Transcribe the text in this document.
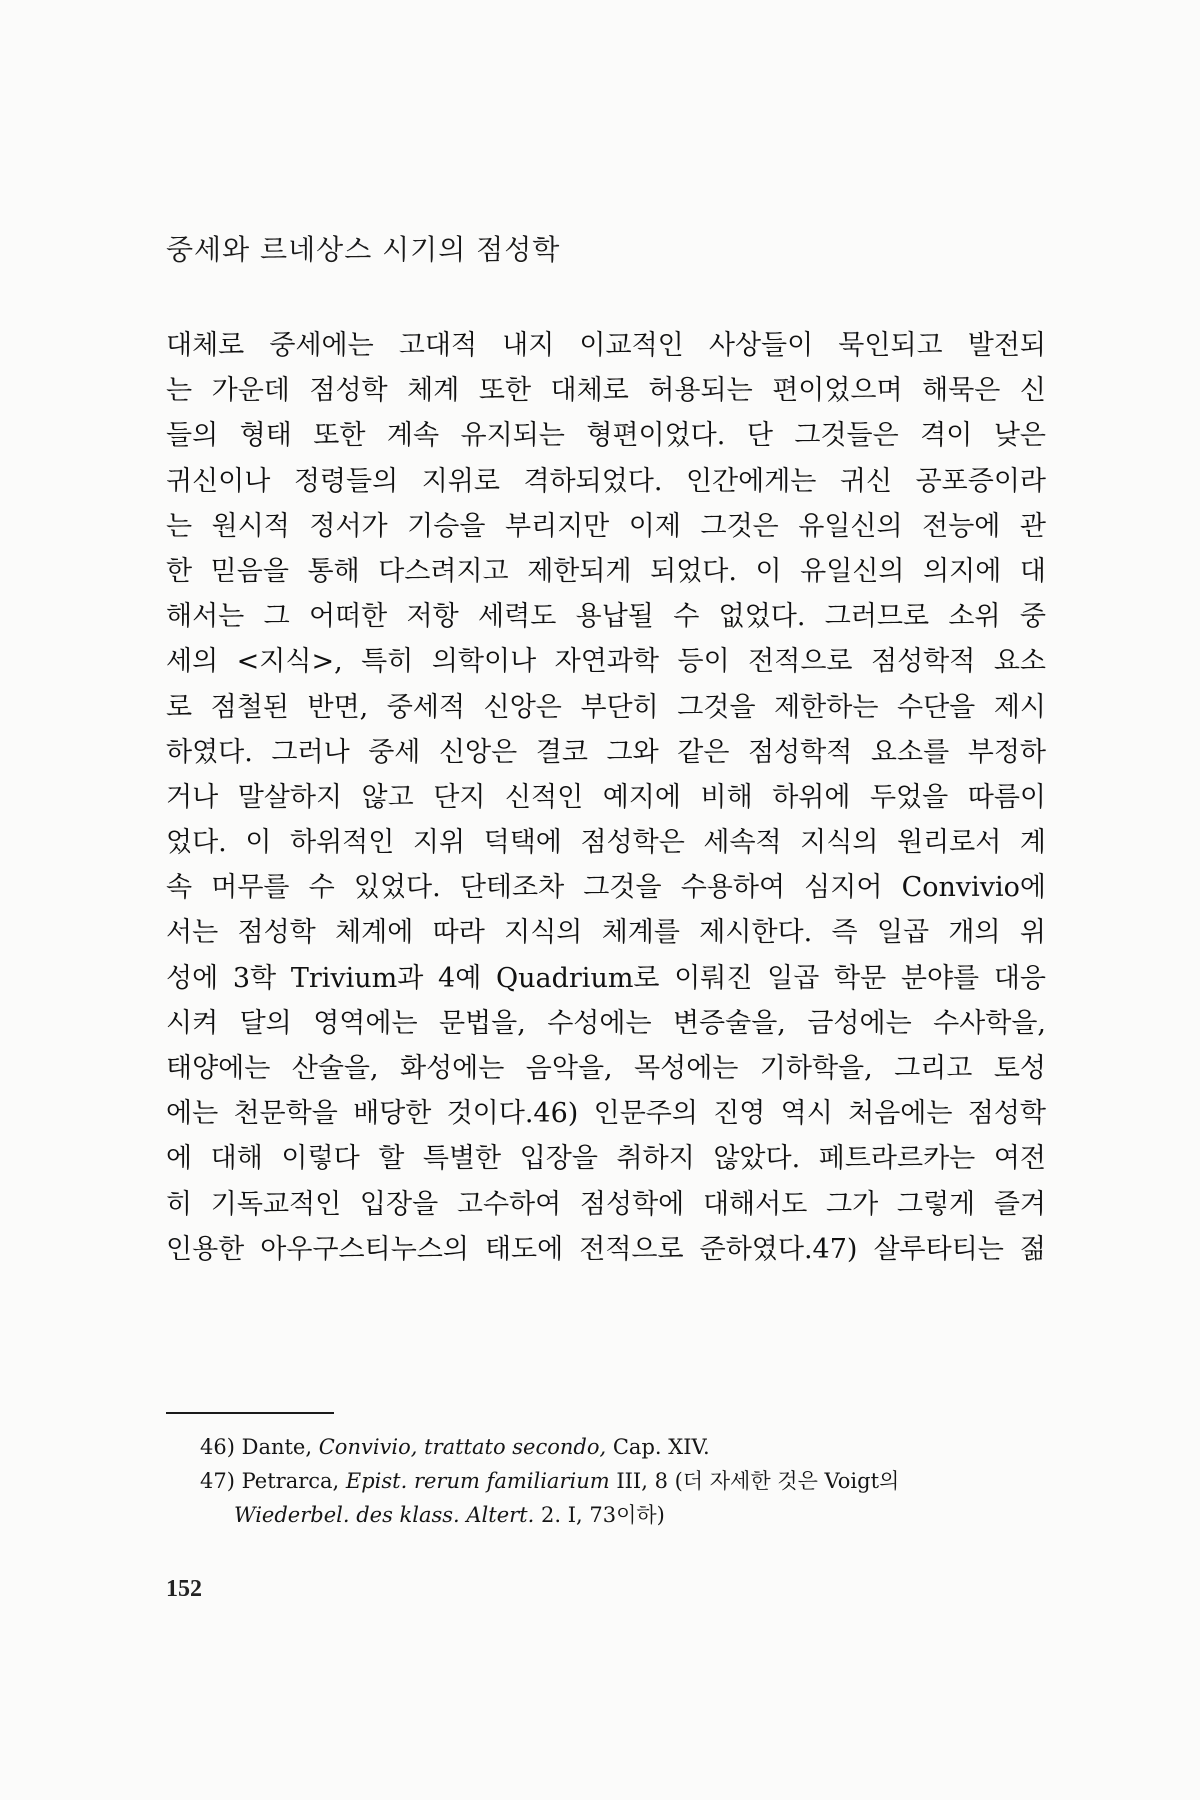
중세와 르네상스 시기의 점성학

대체로 중세에는 고대적 내지 이교적인 사상들이 묵인되고 발전되
는 가운데 점성학 체계 또한 대체로 허용되는 편이었으며 해묵은 신
들의 형태 또한 계속 유지되는 형편이었다. 단 그것들은 격이 낮은
귀신이나 정령들의 지위로 격하되었다. 인간에게는 귀신 공포증이라
는 원시적 정서가 기승을 부리지만 이제 그것은 유일신의 전능에 관
한 믿음을 통해 다스려지고 제한되게 되었다. 이 유일신의 의지에 대
해서는 그 어떠한 저항 세력도 용납될 수 없었다. 그러므로 소위 중
세의 <지식>, 특히 의학이나 자연과학 등이 전적으로 점성학적 요소
로 점철된 반면, 중세적 신앙은 부단히 그것을 제한하는 수단을 제시
하였다. 그러나 중세 신앙은 결코 그와 같은 점성학적 요소를 부정하
거나 말살하지 않고 단지 신적인 예지에 비해 하위에 두었을 따름이
었다. 이 하위적인 지위 덕택에 점성학은 세속적 지식의 원리로서 계
속 머무를 수 있었다. 단테조차 그것을 수용하여 심지어 Convivio에
서는 점성학 체계에 따라 지식의 체계를 제시한다. 즉 일곱 개의 위
성에 3학 Trivium과 4예 Quadrium로 이뤄진 일곱 학문 분야를 대응
시켜 달의 영역에는 문법을, 수성에는 변증술을, 금성에는 수사학을,
태양에는 산술을, 화성에는 음악을, 목성에는 기하학을, 그리고 토성
에는 천문학을 배당한 것이다.46) 인문주의 진영 역시 처음에는 점성학
에 대해 이렇다 할 특별한 입장을 취하지 않았다. 페트라르카는 여전
히 기독교적인 입장을 고수하여 점성학에 대해서도 그가 그렇게 즐겨
인용한 아우구스티누스의 태도에 전적으로 준하였다.47) 살루타티는 젊

46) Dante, Convivio, trattato secondo, Cap. XIV.
47) Petrarca, Epist. rerum familiarium III, 8 (더 자세한 것은 Voigt의
Wiederbel. des klass. Altert. 2. I, 73이하)
152
